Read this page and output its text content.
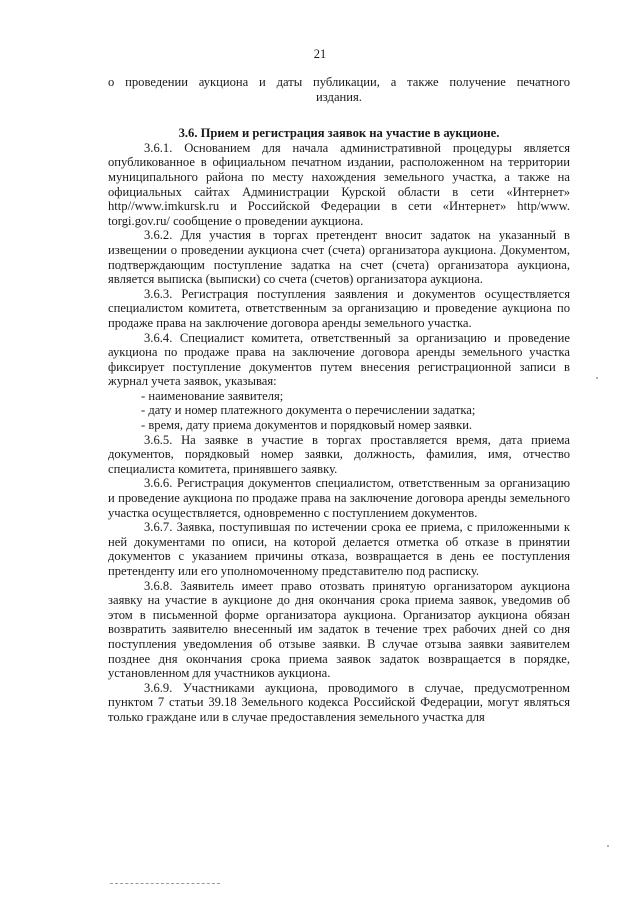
21

о проведении аукциона и даты публикации, а также получение печатного

издания.

3.6. Прием и регистрация заявок на участие в аукционе.

3.6.1. Основанием для начала административной процедуры является опубликованное в официальном печатном издании, расположенном на территории муниципального района по месту нахождения земельного участка, а также на официальных сайтах Администрации Курской области в сети «Интернет» http//www.imkursk.ru и Российской Федерации в сети «Интернет» http/www. torgi.gov.ru/ сообщение о проведении аукциона.

3.6.2. Для участия в торгах претендент вносит задаток на указанный в извещении о проведении аукциона счет (счета) организатора аукциона. Документом, подтверждающим поступление задатка на счет (счета) организатора аукциона, является выписка (выписки) со счета (счетов) организатора аукциона.

3.6.3. Регистрация поступления заявления и документов осуществляется специалистом комитета, ответственным за организацию и проведение аукциона по продаже права на заключение договора аренды земельного участка.

3.6.4. Специалист комитета, ответственный за организацию и проведение аукциона по продаже права на заключение договора аренды земельного участка фиксирует поступление документов путем внесения регистрационной записи в журнал учета заявок, указывая:

- наименование заявителя;

- дату и номер платежного документа о перечислении задатка;

- время, дату приема документов и порядковый номер заявки.

3.6.5. На заявке в участие в торгах проставляется время, дата приема документов, порядковый номер заявки, должность, фамилия, имя, отчество специалиста комитета, принявшего заявку.

3.6.6. Регистрация документов специалистом, ответственным за организацию и проведение аукциона по продаже права на заключение договора аренды земельного участка осуществляется, одновременно с поступлением документов.

3.6.7. Заявка, поступившая по истечении срока ее приема, с приложенными к ней документами по описи, на которой делается отметка об отказе в принятии документов с указанием причины отказа, возвращается в день ее поступления претенденту или его уполномоченному представителю под расписку.

3.6.8. Заявитель имеет право отозвать принятую организатором аукциона заявку на участие в аукционе до дня окончания срока приема заявок, уведомив об этом в письменной форме организатора аукциона. Организатор аукциона обязан возвратить заявителю внесенный им задаток в течение трех рабочих дней со дня поступления уведомления об отзыве заявки. В случае отзыва заявки заявителем позднее дня окончания срока приема заявок задаток возвращается в порядке, установленном для участников аукциона.

3.6.9. Участниками аукциона, проводимого в случае, предусмотренном пунктом 7 статьи 39.18 Земельного кодекса Российской Федерации, могут являться только граждане или в случае предоставления земельного участка для
